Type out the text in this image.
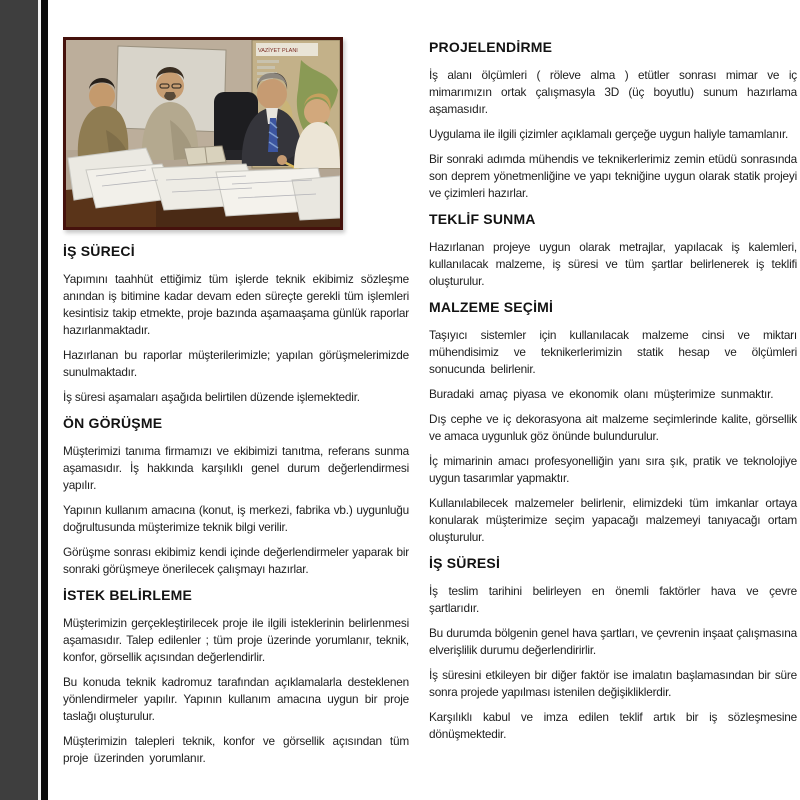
VAZİYET PLANI
İŞ SÜRECİ

Yapımını taahhüt ettiğimiz tüm işlerde teknik ekibimiz sözleşme anından iş bitimine kadar devam eden süreçte gerekli tüm işlemleri kesintisiz takip etmekte, proje bazında aşamaaşama günlük raporlar hazırlanmaktadır.

Hazırlanan bu raporlar müşterilerimizle; yapılan görüşmelerimizde sunulmaktadır.

İş süresi aşamaları aşağıda belirtilen düzende işlemektedir.

ÖN GÖRÜŞME

Müşterimizi tanıma firmamızı ve ekibimizi tanıtma, referans sunma aşamasıdır. İş hakkında karşılıklı genel durum değerlendirmesi yapılır.

Yapının kullanım amacına (konut, iş merkezi, fabrika vb.) uygunluğu doğrultusunda müşterimize teknik bilgi verilir.

Görüşme sonrası ekibimiz kendi içinde değerlendirmeler yaparak bir sonraki görüşmeye önerilecek çalışmayı hazırlar.

İSTEK BELİRLEME

Müşterimizin gerçekleştirilecek proje ile ilgili isteklerinin belirlenmesi aşamasıdır. Talep edilenler ; tüm proje üzerinde yorumlanır, teknik, konfor, görsellik açısından değerlendirlir.

Bu konuda teknik kadromuz tarafından açıklamalarla desteklenen yönlendirmeler yapılır. Yapının kullanım amacına uygun bir proje taslağı oluşturulur.

Müşterimizin talepleri teknik, konfor ve görsellik açısından tüm proje üzerinden yorumlanır.

PROJELENDİRME

İş alanı ölçümleri ( röleve alma ) etütler sonrası mimar ve iç mimarımızın ortak çalışmasyla 3D (üç boyutlu) sunum hazırlama aşamasıdır.

Uygulama ile ilgili çizimler açıklamalı gerçeğe uygun haliyle tamamlanır.

Bir sonraki adımda mühendis ve teknikerlerimiz zemin etüdü sonrasında son deprem yönetmenliğine ve yapı tekniğine uygun olarak statik projeyi ve çizimleri hazırlar.

TEKLİF SUNMA

Hazırlanan projeye uygun olarak metrajlar, yapılacak iş kalemleri, kullanılacak malzeme, iş süresi ve tüm şartlar belirlenerek iş teklifi oluşturulur.

MALZEME SEÇİMİ

Taşıyıcı sistemler için kullanılacak malzeme cinsi ve miktarı mühendisimiz ve teknikerlerimizin statik hesap ve ölçümleri sonucunda belirlenir.

Buradaki amaç piyasa ve ekonomik olanı müşterimize sunmaktır.

Dış cephe ve iç dekorasyona ait malzeme seçimlerinde kalite, görsellik ve amaca uygunluk göz önünde bulundurulur.

İç mimarinin amacı profesyonelliğin yanı sıra şık, pratik ve teknolojiye uygun tasarımlar yapmaktır.

Kullanılabilecek malzemeler belirlenir, elimizdeki tüm imkanlar ortaya konularak müşterimize seçim yapacağı malzemeyi tanıyacağı ortam oluşturulur.

İŞ SÜRESİ

İş teslim tarihini belirleyen en önemli faktörler hava ve çevre şartlarıdır.

Bu durumda bölgenin genel hava şartları, ve çevrenin inşaat çalışmasına elverişlilik durumu değerlendirirlir.

İş süresini etkileyen bir diğer faktör ise imalatın başlamasından bir süre sonra projede yapılması istenilen değişikliklerdir.

Karşılıklı kabul ve imza edilen teklif artık bir iş sözleşmesine dönüşmektedir.
